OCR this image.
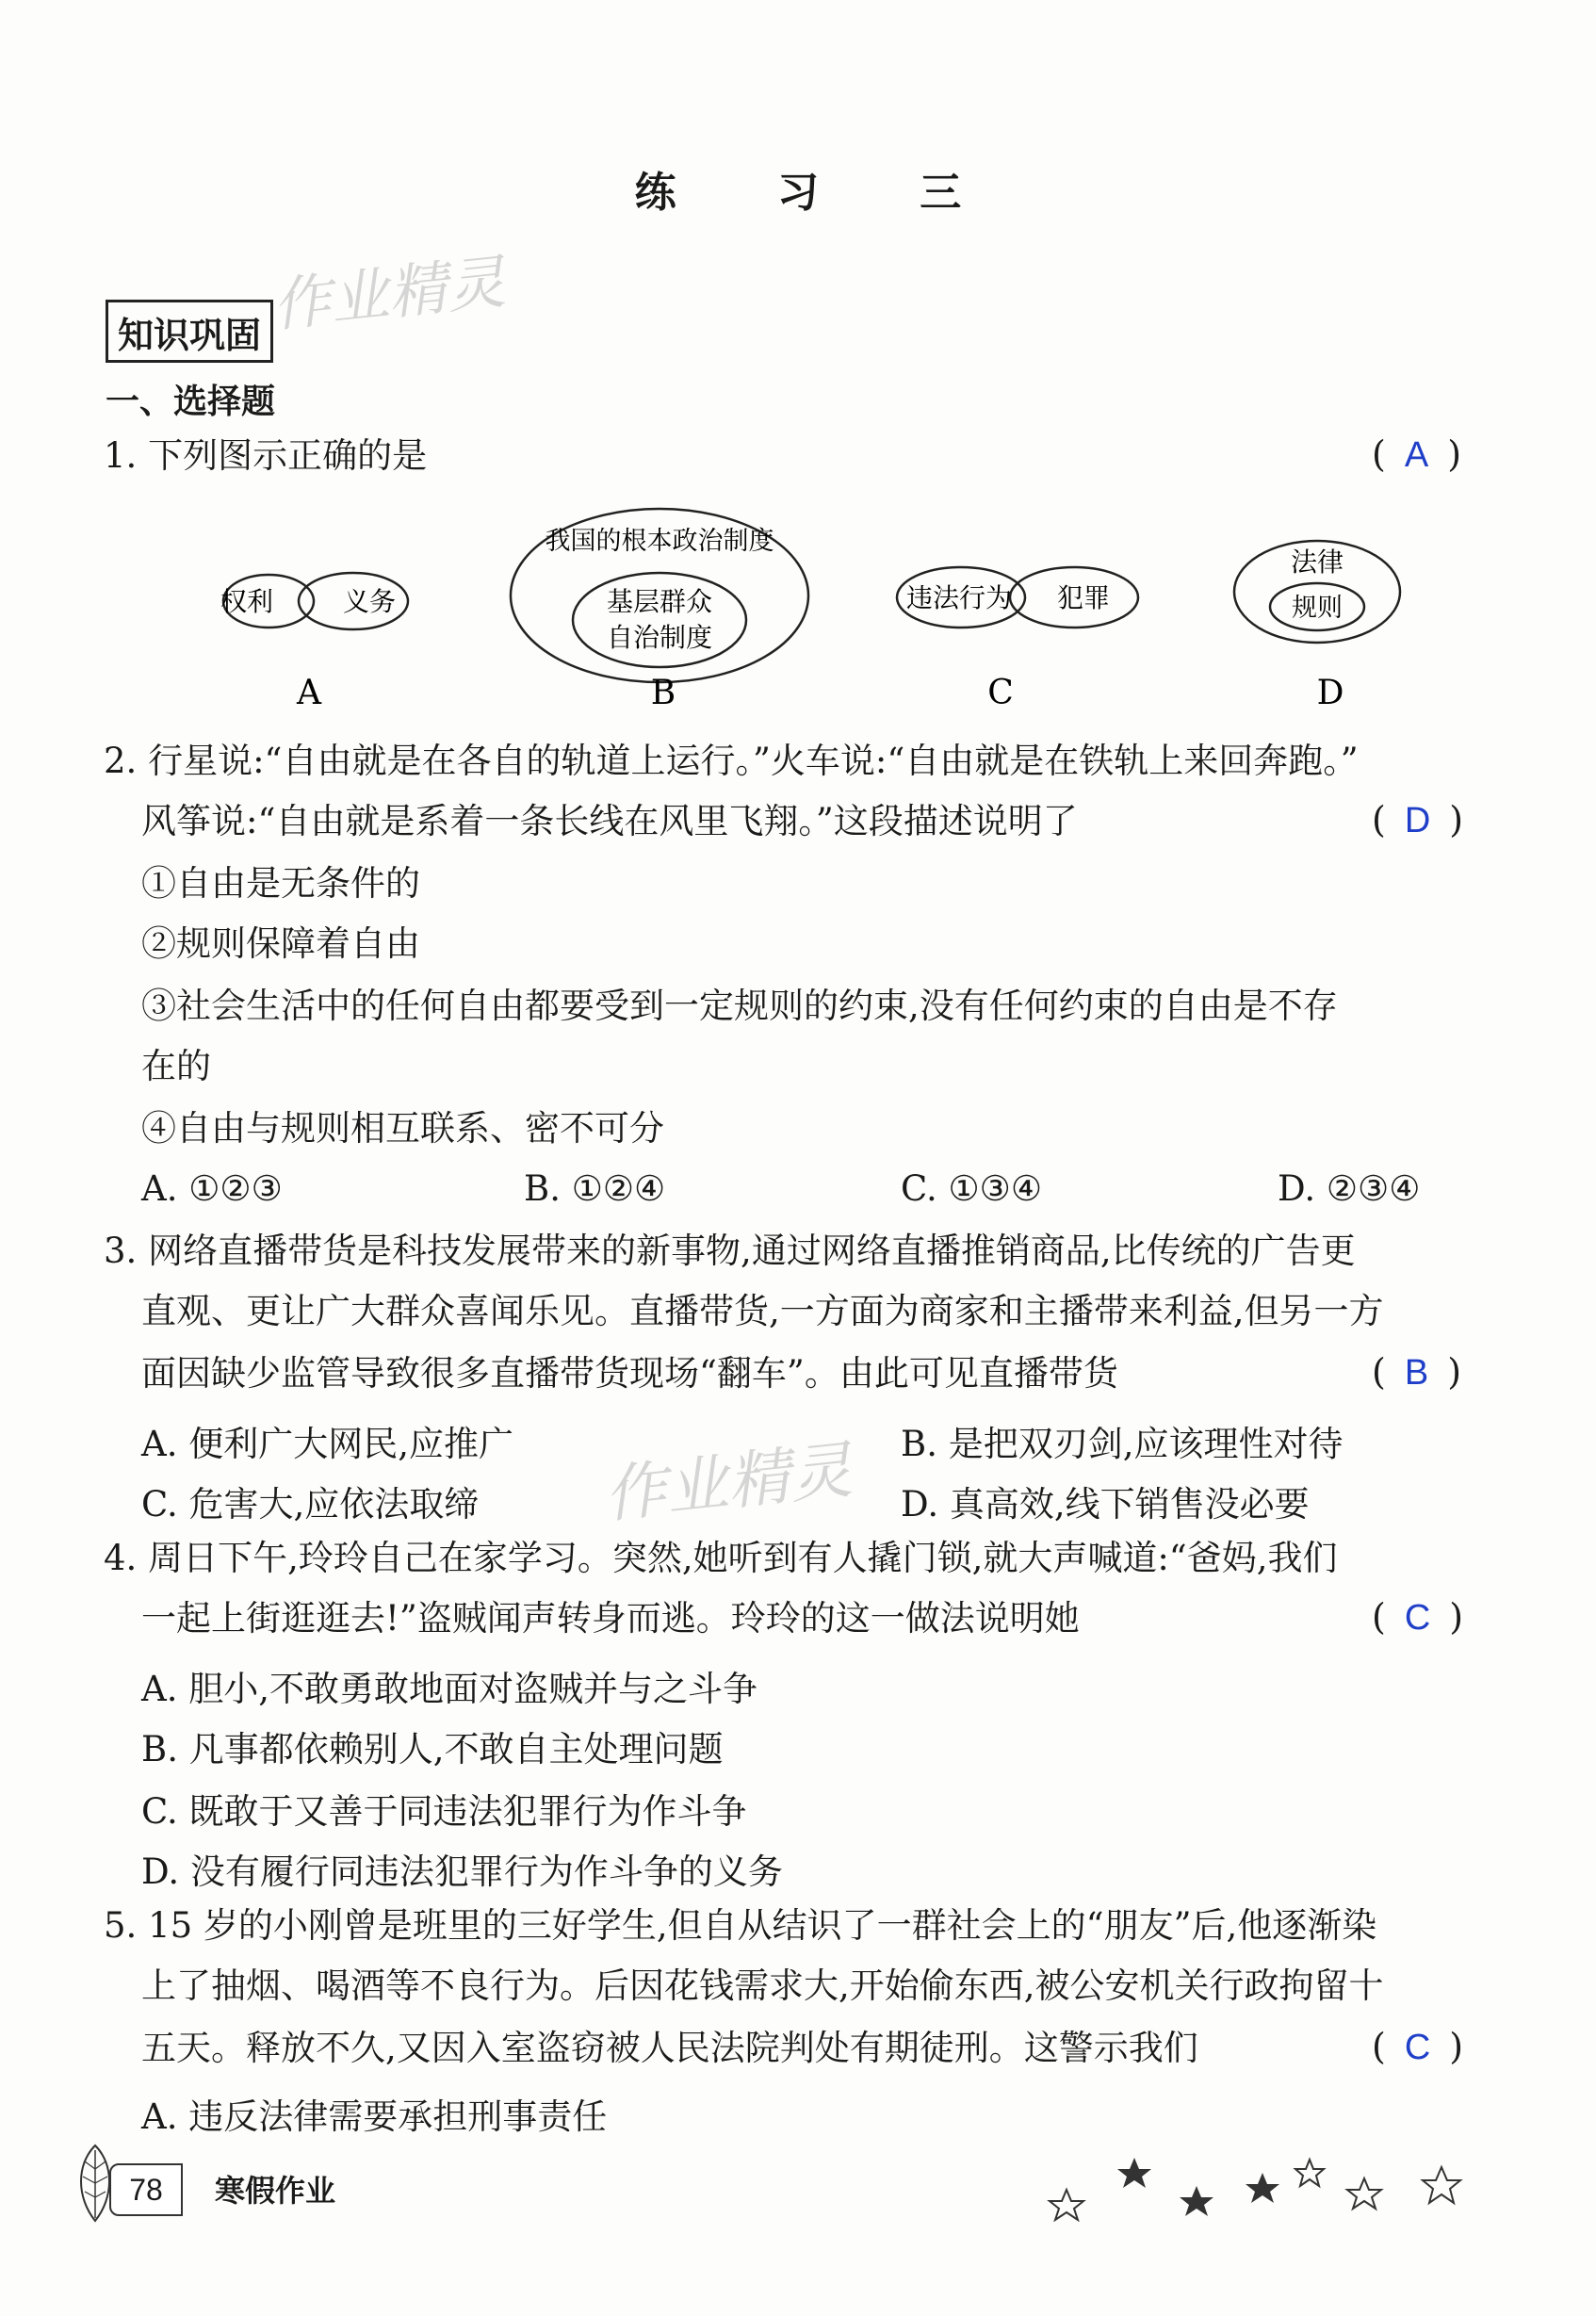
练 习 三
作业精灵
作业精灵
知识巩固
一、选择题
1. 下列图示正确的是	( A )
权利	义务
我国的根本政治制度
基层群众
自治制度
违法行为 犯罪
法律
规则
A	B	C	D
2. 行星说:“自由就是在各自的轨道上运行。”火车说:“自由就是在铁轨上来回奔跑。”
风筝说:“自由就是系着一条长线在风里飞翔。”这段描述说明了	( D )
①自由是无条件的
②规则保障着自由
③社会生活中的任何自由都要受到一定规则的约束,没有任何约束的自由是不存
在的
④自由与规则相互联系、密不可分
A. ①②③	B. ①②④	C. ①③④	D. ②③④
3. 网络直播带货是科技发展带来的新事物,通过网络直播推销商品,比传统的广告更
直观、更让广大群众喜闻乐见。直播带货,一方面为商家和主播带来利益,但另一方
面因缺少监管导致很多直播带货现场“翻车”。由此可见直播带货	( B )
A. 便利广大网民,应推广	B. 是把双刃剑,应该理性对待
C. 危害大,应依法取缔	D. 真高效,线下销售没必要
4. 周日下午,玲玲自己在家学习。突然,她听到有人撬门锁,就大声喊道:“爸妈,我们
一起上街逛逛去!”盗贼闻声转身而逃。玲玲的这一做法说明她	( C )
A. 胆小,不敢勇敢地面对盗贼并与之斗争
B. 凡事都依赖别人,不敢自主处理问题
C. 既敢于又善于同违法犯罪行为作斗争
D. 没有履行同违法犯罪行为作斗争的义务
5. 15 岁的小刚曾是班里的三好学生,但自从结识了一群社会上的“朋友”后,他逐渐染
上了抽烟、喝酒等不良行为。后因花钱需求大,开始偷东西,被公安机关行政拘留十
五天。释放不久,又因入室盗窃被人民法院判处有期徒刑。这警示我们	( C )
A. 违反法律需要承担刑事责任
78	寒假作业
